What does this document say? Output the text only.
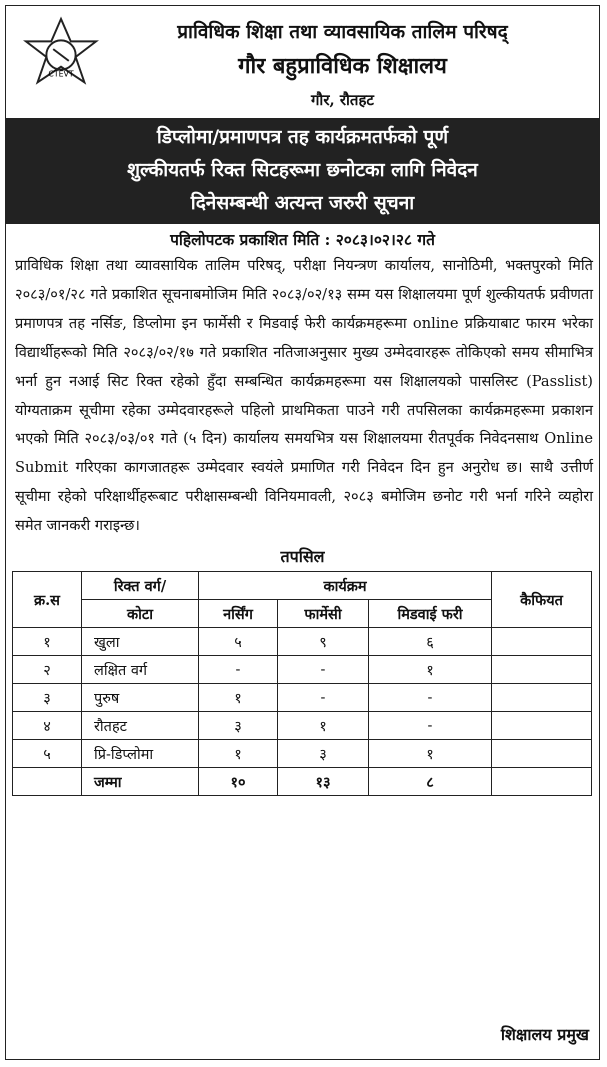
CTEVT
प्राविधिक शिक्षा तथा व्यावसायिक तालिम परिषद्
गौर बहुप्राविधिक शिक्षालय
गौर, रौतहट
डिप्लोमा/प्रमाणपत्र तह कार्यक्रमतर्फको पूर्ण
शुल्कीयतर्फ रिक्त सिटहरूमा छनोटका लागि निवेदन
दिनेसम्बन्धी अत्यन्त जरुरी सूचना
पहिलोपटक प्रकाशित मिति : २०८३।०२।२८ गते
प्राविधिक शिक्षा तथा व्यावसायिक तालिम परिषद्, परीक्षा नियन्त्रण कार्यालय, सानोठिमी, भक्तपुरको मिति २०८३/०१/२८ गते प्रकाशित सूचनाबमोजिम मिति २०८३/०२/१३ सम्म यस शिक्षालयमा पूर्ण शुल्कीयतर्फ प्रवीणता प्रमाणपत्र तह नर्सिङ, डिप्लोमा इन फार्मेसी र मिडवाई फेरी कार्यक्रमहरूमा online प्रक्रियाबाट फारम भरेका विद्यार्थीहरूको मिति २०८३/०२/१७ गते प्रकाशित नतिजाअनुसार मुख्य उम्मेदवारहरू तोकिएको समय सीमाभित्र भर्ना हुन नआई सिट रिक्त रहेको हुँदा सम्बन्धित कार्यक्रमहरूमा यस शिक्षालयको पासलिस्ट (Passlist) योग्यताक्रम सूचीमा रहेका उम्मेदवारहरूले पहिलो प्राथमिकता पाउने गरी तपसिलका कार्यक्रमहरूमा प्रकाशन भएको मिति २०८३/०३/०१ गते (५ दिन) कार्यालय समयभित्र यस शिक्षालयमा रीतपूर्वक निवेदनसाथ Online Submit गरिएका कागजातहरू उम्मेदवार स्वयंले प्रमाणित गरी निवेदन दिन हुन अनुरोध छ। साथै उत्तीर्ण सूचीमा रहेको परिक्षार्थीहरूबाट परीक्षासम्बन्धी विनियमावली, २०८३ बमोजिम छनोट गरी भर्ना गरिने व्यहोरा समेत जानकरी गराइन्छ।
तपसिल
क्र.स	रिक्त वर्ग/	कार्यक्रम			कैफियत
	कोटा	नर्सिंग	फार्मेसी	मिडवाई फरी	
१	खुला	५	९	६	
२	लक्षित वर्ग	-	-	१	
३	पुरुष	१	-	-	
४	रौतहट	३	१	-	
५	प्रि-डिप्लोमा	१	३	१	
	जम्मा	१०	१३	८	
शिक्षालय प्रमुख
